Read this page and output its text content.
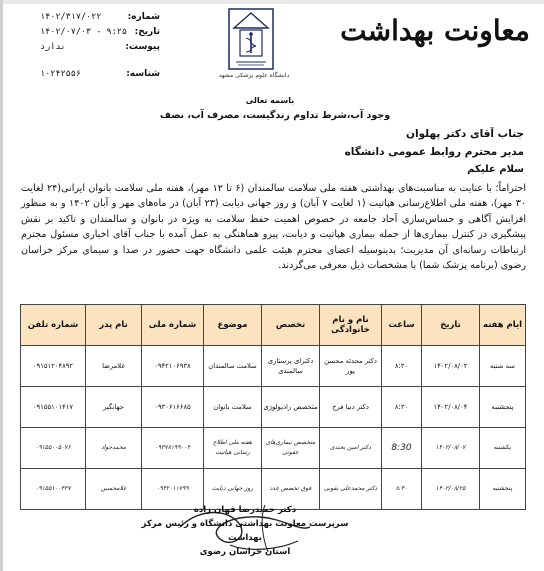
شماره:
۱۴۰۲/۳۱۷/۰۲۲
تاریخ:
۱۴۰۲/۰۷/۰۳ - ۹:۲۵
پیوست:
ندارد
شناسه:
۱۰۲۴۲۵۵۶	دانشگاه علوم پزشکی مشهد
معاونت بهداشت
باسمه تعالی
وجود آب،شرط تداوم زندگیست، مصرف آب، نصف
جناب آقای دکتر پهلوان
مدیر محترم روابط عمومی دانشگاه
سلام علیکم
احتراماً؛ با عنایت به مناسبت‌های بهداشتی هفته ملی سلامت سالمندان (۶ تا ۱۲ مهر)، هفته ملی سلامت بانوان ایرانی(۲۴ لغایت ۳۰ مهر)، هفته ملی اطلاع‌رسانی هپاتیت (۱ لغایت ۷ آبان) و روز جهانی دیابت (۲۳ آبان) در ماه‌های مهر و آبان ۱۴۰۲ و به منظور افزایش آگاهی و حساس‌سازی آحاد جامعه در خصوص اهمیت حفظ سلامت به ویژه در بانوان و سالمندان و تاکید بر نقش پیشگیری در کنترل بیماری‌ها از جمله بیماری هپاتیت و دیابت، پیرو هماهنگی به عمل آمده با جناب آقای اخباری مسئول محترم ارتباطات رسانه‌ای آن مدیریت؛ بدینوسیله اعضای محترم هیئت علمی دانشگاه جهت حضور در صدا و سیمای مرکز خراسان رضوی (برنامه پزشک شما) با مشخصات ذیل معرفی می‌گردند.
ایام هفته	تاریخ	ساعت	نام و نام خانوادگی	تخصص	موضوع	شماره ملی	نام پدر	شماره تلفن
سه شنبه	۱۴۰۲/۰۸/۰۲	۸:۳۰	دکتر محدثه محسن پور	دکترای پرستاری سالمندی	سلامت سالمندان	۰۹۴۲۱۰۶۹۳۸	غلامرضا	۰۹۱۵۱۲۰۴۸۹۲
پنجشنبه	۱۴۰۲/۰۸/۰۴	۸:۳۰	دکتر دنیا فرخ	متخصص رادیولوژی	سلامت بانوان	۰۹۳۰۶۱۶۶۸۵	جهانگیر	۰۹۱۵۵۱۰۱۴۱۷
یکشنبه	۱۴۰۲/۰۸/۰۷	8:30	دکتر امین بحندی	متخصص بیماری‌های عفونی	هفته ملی اطلاع رسانی هپاتیت	۰۹۳۷۸۱۹۹۰۰۴	محمدجواد	۰۹۱۵۵۰۰۵۰۷۶
پنجشنبه	۱۴۰۲/۰۸/۲۵	۸:۳۰	دکتر محمدعلی یقوبی	فوق تخصص غدد	روز جهانی دیابت	۰۹۴۲۰۱۱۷۹۹	غلامحسین	۰۹۱۵۵۱۰۰۴۳۷
دکتر حمیدرضا قهان زاده
سرپرست معاونت بهداشتی دانشگاه و رئیس مرکز بهداشت
استان خراسان رضوی
